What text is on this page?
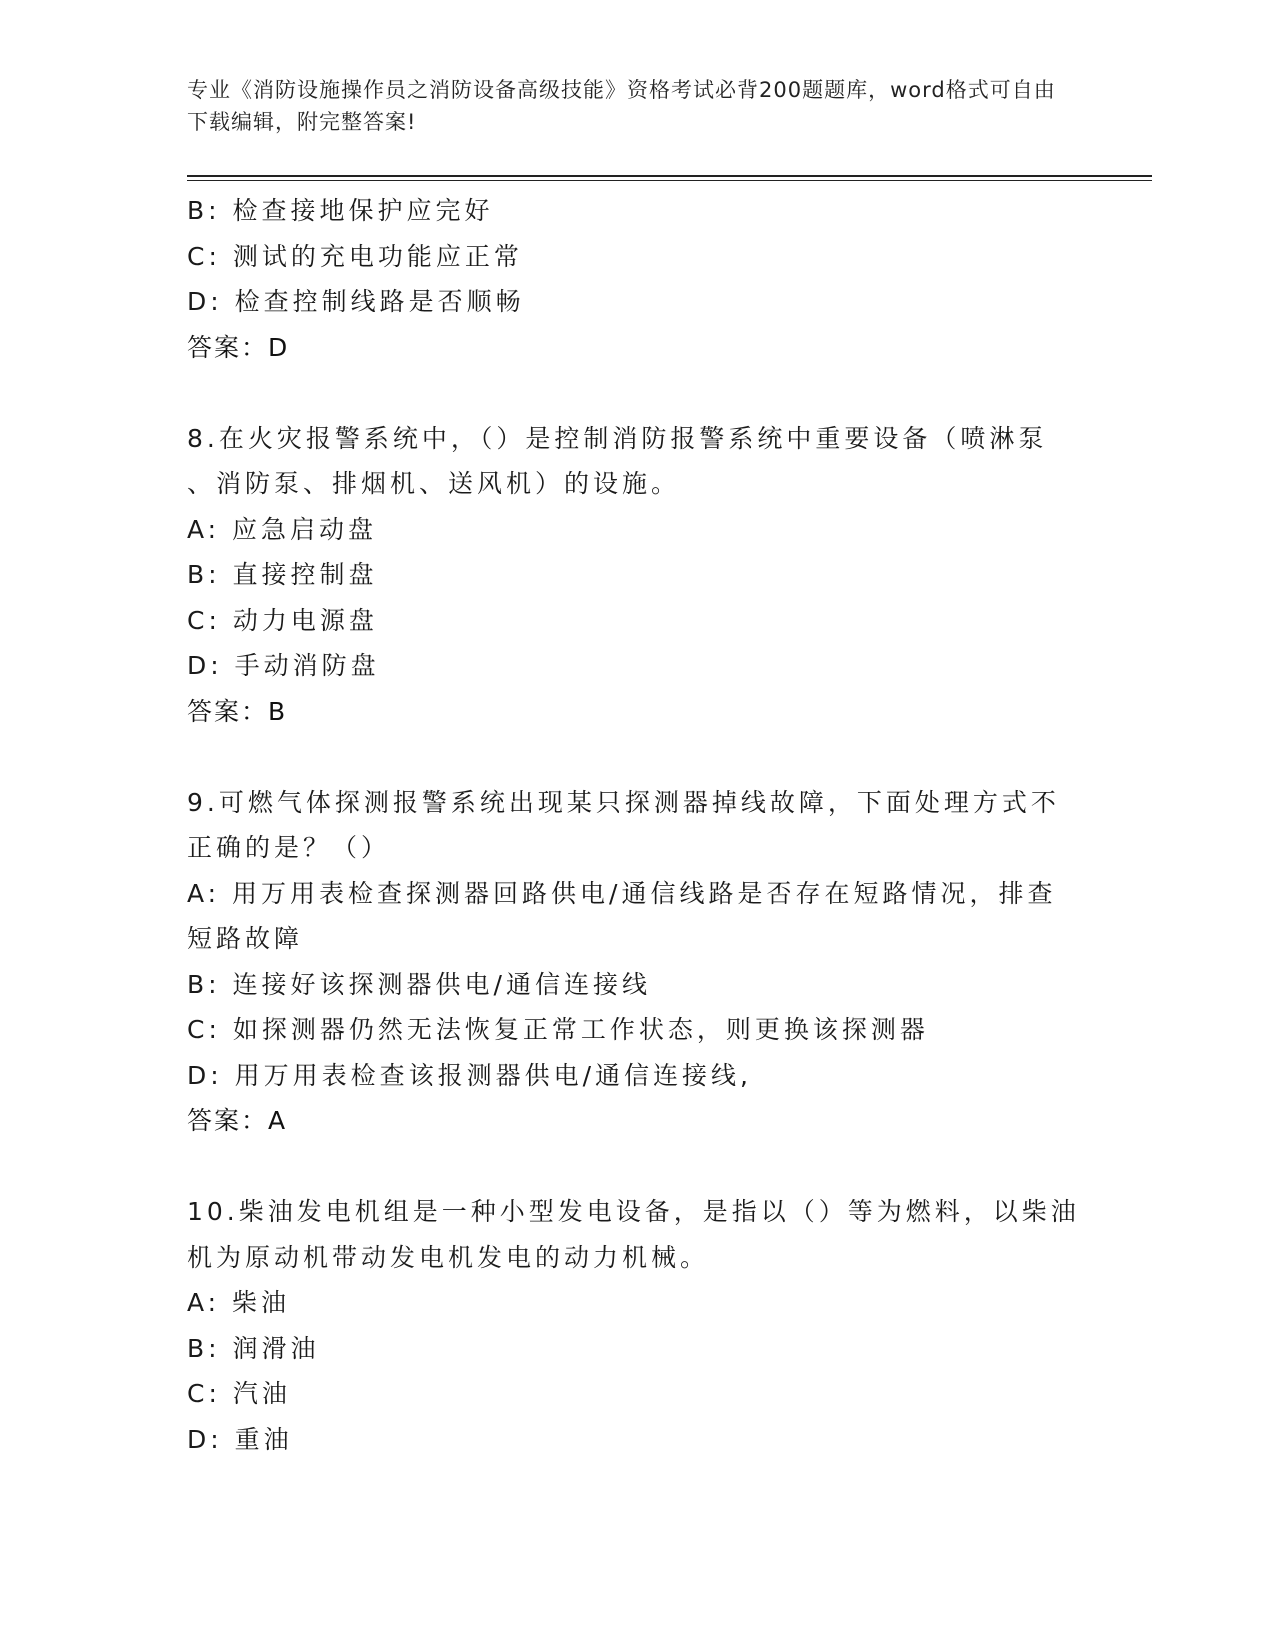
专业《消防设施操作员之消防设备高级技能》资格考试必背200题题库，word格式可自由下载编辑，附完整答案!
B: 检查接地保护应完好
C: 测试的充电功能应正常
D: 检查控制线路是否顺畅
答案：D
8.在火灾报警系统中，（）是控制消防报警系统中重要设备（喷淋泵
、消防泵、排烟机、送风机）的设施。
A: 应急启动盘
B: 直接控制盘
C: 动力电源盘
D: 手动消防盘
答案：B
9.可燃气体探测报警系统出现某只探测器掉线故障，下面处理方式不
正确的是？（）
A: 用万用表检查探测器回路供电/通信线路是否存在短路情况，排查
短路故障
B: 连接好该探测器供电/通信连接线
C: 如探测器仍然无法恢复正常工作状态，则更换该探测器
D: 用万用表检查该报测器供电/通信连接线,
答案：A
10.柴油发电机组是一种小型发电设备，是指以（）等为燃料，以柴油
机为原动机带动发电机发电的动力机械。
A: 柴油
B: 润滑油
C: 汽油
D: 重油
